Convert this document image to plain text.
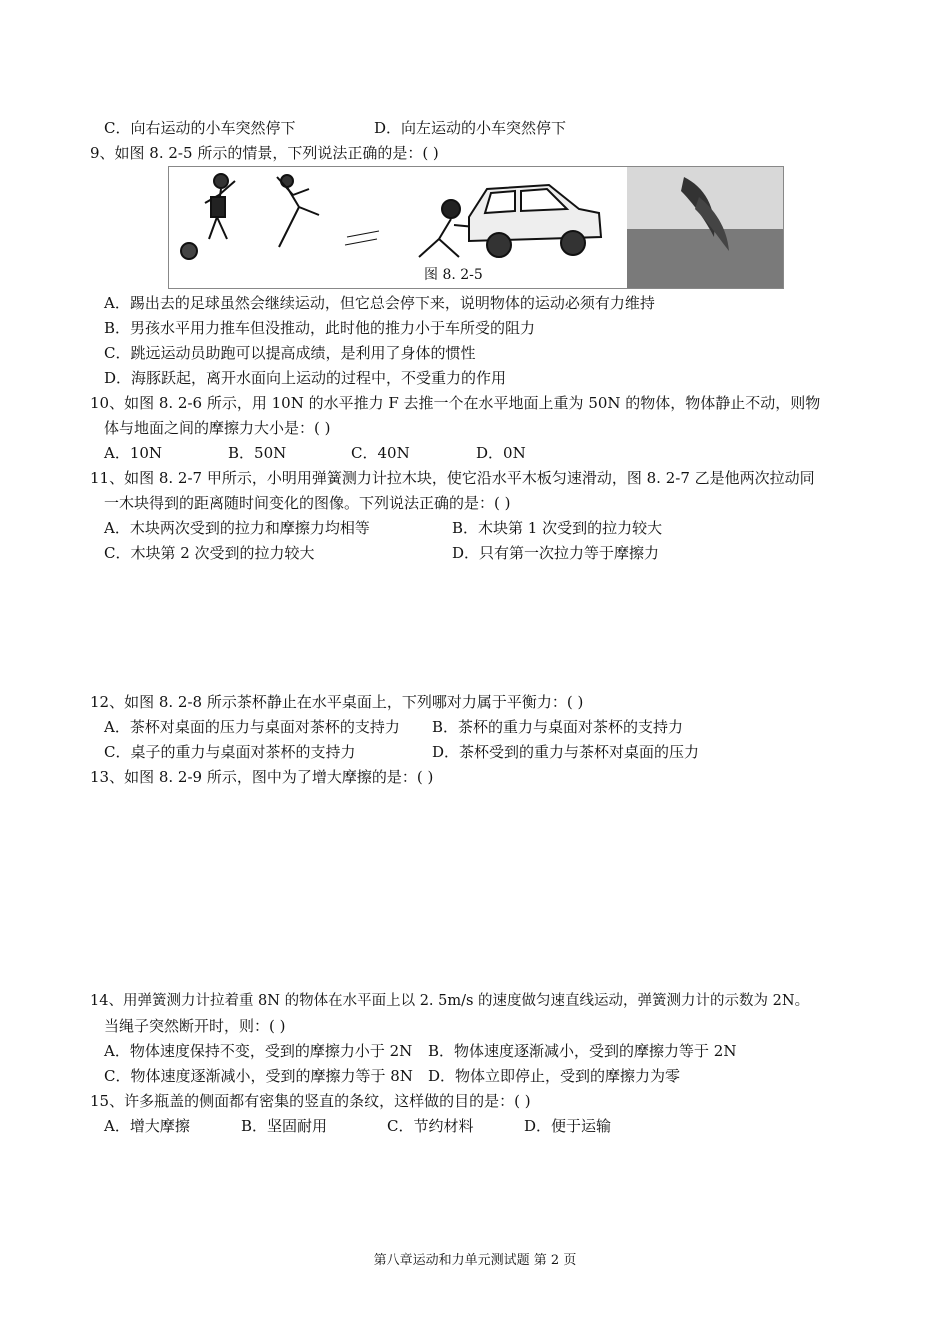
C．向右运动的小车突然停下	D．向左运动的小车突然停下
9、如图 8. 2-5 所示的情景，下列说法正确的是：( )
图 8. 2-5
A．踢出去的足球虽然会继续运动，但它总会停下来，说明物体的运动必须有力维持
B．男孩水平用力推车但没推动，此时他的推力小于车所受的阻力
C．跳远运动员助跑可以提高成绩，是利用了身体的惯性
D．海豚跃起，离开水面向上运动的过程中，不受重力的作用
10、如图 8. 2-6 所示，用 10N 的水平推力 F 去推一个在水平地面上重为 50N 的物体，物体静止不动，则物
体与地面之间的摩擦力大小是：( )
A．10N	B．50N	C．40N	D．0N
11、如图 8. 2-7 甲所示，小明用弹簧测力计拉木块，使它沿水平木板匀速滑动，图 8. 2-7 乙是他两次拉动同
一木块得到的距离随时间变化的图像。下列说法正确的是：( )
A．木块两次受到的拉力和摩擦力均相等	B．木块第 1 次受到的拉力较大
C．木块第 2 次受到的拉力较大	D．只有第一次拉力等于摩擦力
12、如图 8. 2-8 所示茶杯静止在水平桌面上，下列哪对力属于平衡力：( )
A．茶杯对桌面的压力与桌面对茶杯的支持力 B．茶杯的重力与桌面对茶杯的支持力
C．桌子的重力与桌面对茶杯的支持力	D．茶杯受到的重力与茶杯对桌面的压力
13、如图 8. 2-9 所示，图中为了增大摩擦的是：( )
14、用弹簧测力计拉着重 8N 的物体在水平面上以 2. 5m/s 的速度做匀速直线运动，弹簧测力计的示数为 2N。
当绳子突然断开时，则：( )
A．物体速度保持不变，受到的摩擦力小于 2N B．物体速度逐渐减小，受到的摩擦力等于 2N
C．物体速度逐渐减小，受到的摩擦力等于 8N D．物体立即停止，受到的摩擦力为零
15、许多瓶盖的侧面都有密集的竖直的条纹，这样做的目的是：( )
A．增大摩擦	B．坚固耐用	C．节约材料	D．便于运输
第八章运动和力单元测试题 第 2 页
